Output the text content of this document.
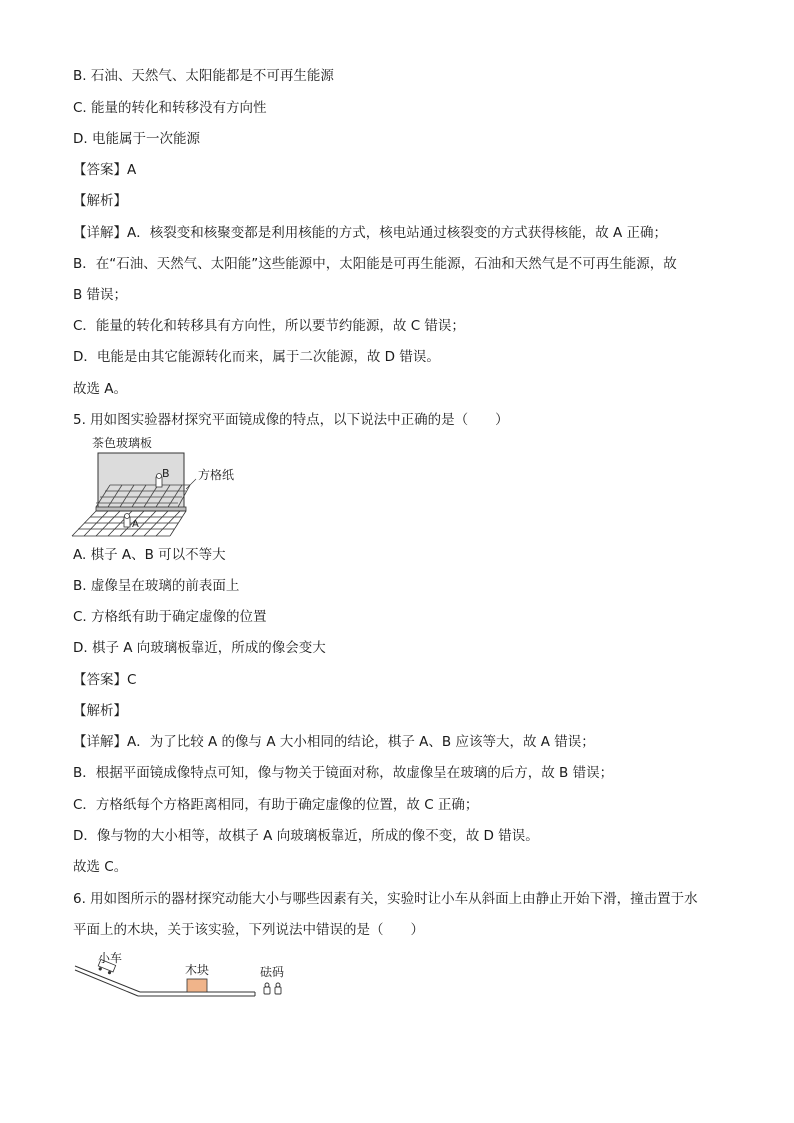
B. 石油、天然气、太阳能都是不可再生能源
C. 能量的转化和转移没有方向性
D. 电能属于一次能源
【答案】A
【解析】
【详解】A．核裂变和核聚变都是利用核能的方式，核电站通过核裂变的方式获得核能，故 A 正确；
B．在“石油、天然气、太阳能”这些能源中，太阳能是可再生能源，石油和天然气是不可再生能源，故
B 错误；
C．能量的转化和转移具有方向性，所以要节约能源，故 C 错误；
D．电能是由其它能源转化而来，属于二次能源，故 D 错误。
故选 A。
5. 用如图实验器材探究平面镜成像的特点，以下说法中正确的是（　　）
茶色玻璃板
B
A
方格纸
A. 棋子 A、B 可以不等大
B. 虚像呈在玻璃的前表面上
C. 方格纸有助于确定虚像的位置
D. 棋子 A 向玻璃板靠近，所成的像会变大
【答案】C
【解析】
【详解】A．为了比较 A 的像与 A 大小相同的结论，棋子 A、B 应该等大，故 A 错误；
B．根据平面镜成像特点可知，像与物关于镜面对称，故虚像呈在玻璃的后方，故 B 错误；
C．方格纸每个方格距离相同，有助于确定虚像的位置，故 C 正确；
D．像与物的大小相等，故棋子 A 向玻璃板靠近，所成的像不变，故 D 错误。
故选 C。
6. 用如图所示的器材探究动能大小与哪些因素有关，实验时让小车从斜面上由静止开始下滑，撞击置于水
平面上的木块，关于该实验，下列说法中错误的是（　　）
小车
木块	砝码
